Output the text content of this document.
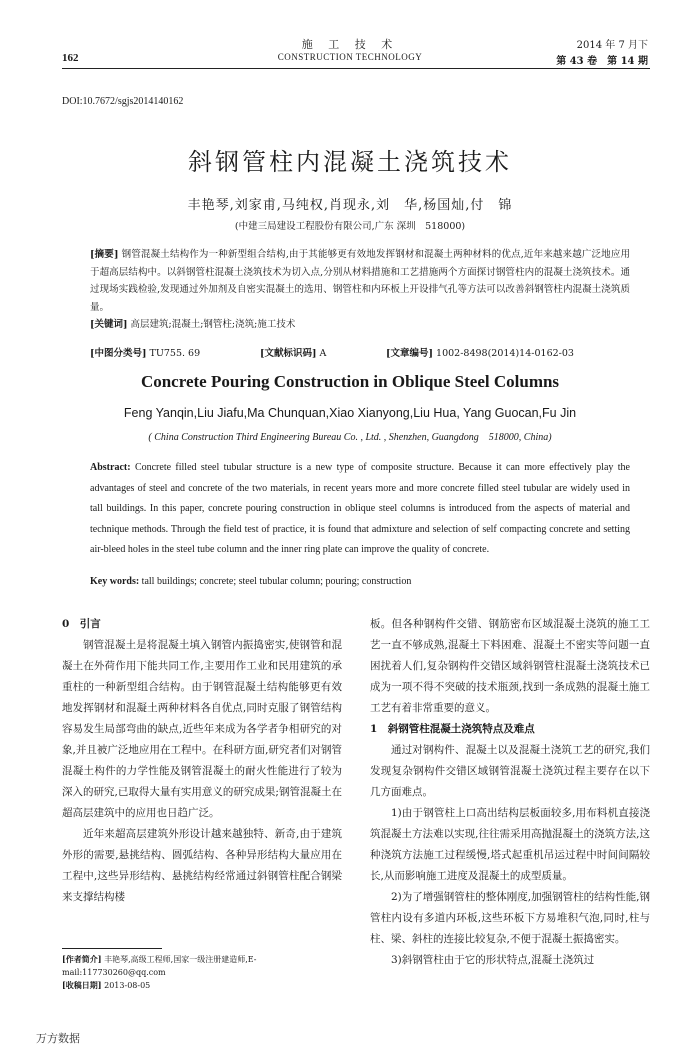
施 工 技 术
CONSTRUCTION TECHNOLOGY
162
2014 年 7 月下
第 43 卷　第 14 期
DOI:10.7672/sgjs2014140162
斜钢管柱内混凝土浇筑技术
丰艳琴,刘家甫,马纯权,肖现永,刘　华,杨国灿,付　锦
(中建三局建设工程股份有限公司,广东 深圳　518000)
[摘要] 钢管混凝土结构作为一种新型组合结构,由于其能够更有效地发挥钢材和混凝土两种材料的优点,近年来越来越广泛地应用于超高层结构中。以斜钢管柱混凝土浇筑技术为切入点,分别从材料措施和工艺措施两个方面探讨钢管柱内的混凝土浇筑技术。通过现场实践检验,发现通过外加剂及自密实混凝土的选用、钢管柱和内环板上开设排气孔等方法可以改善斜钢管柱内混凝土浇筑质量。
[关键词] 高层建筑;混凝土;钢管柱;浇筑;施工技术
[中图分类号] TU755. 69	[文献标识码] A	[文章编号] 1002-8498(2014)14-0162-03
Concrete Pouring Construction in Oblique Steel Columns
Feng Yanqin,Liu Jiafu,Ma Chunquan,Xiao Xianyong,Liu Hua, Yang Guocan,Fu Jin
( China Construction Third Engineering Bureau Co. , Ltd. , Shenzhen, Guangdong　518000, China)
Abstract: Concrete filled steel tubular structure is a new type of composite structure. Because it can more effectively play the advantages of steel and concrete of the two materials, in recent years more and more concrete filled steel tubular are widely used in tall buildings. In this paper, concrete pouring construction in oblique steel columns is introduced from the aspects of material and technique methods. Through the field test of practice, it is found that admixture and selection of self compacting concrete and setting air-bleed holes in the steel tube column and the inner ring plate can improve the quality of concrete.
Key words: tall buildings; concrete; steel tubular column; pouring; construction
0　引言

钢管混凝土是将混凝土填入钢管内振捣密实,使钢管和混凝土在外荷作用下能共同工作,主要用作工业和民用建筑的承重柱的一种新型组合结构。由于钢管混凝土结构能够更有效地发挥钢材和混凝土两种材料各自优点,同时克服了钢管结构容易发生局部弯曲的缺点,近些年来成为各学者争相研究的对象,并且被广泛地应用在工程中。在科研方面,研究者们对钢管混凝土构件的力学性能及钢管混凝土的耐火性能进行了较为深入的研究,已取得大量有实用意义的研究成果;钢管混凝土在超高层建筑中的应用也日趋广泛。

近年来超高层建筑外形设计越来越独特、新奇,由于建筑外形的需要,悬挑结构、圆弧结构、各种异形结构大量应用在工程中,这些异形结构、悬挑结构经常通过斜钢管柱配合钢梁来支撑结构楼

板。但各种钢构件交错、钢筋密布区域混凝土浇筑的施工工艺一直不够成熟,混凝土下料困难、混凝土不密实等问题一直困扰着人们,复杂钢构件交错区域斜钢管柱混凝土浇筑技术已成为一项不得不突破的技术瓶颈,找到一条成熟的混凝土施工工艺有着非常重要的意义。

1　斜钢管柱混凝土浇筑特点及难点

通过对钢构件、混凝土以及混凝土浇筑工艺的研究,我们发现复杂钢构件交错区域钢管混凝土浇筑过程主要存在以下几方面难点。

1)由于钢管柱上口高出结构层板面较多,用布料机直接浇筑混凝土方法难以实现,往往需采用高抛混凝土的浇筑方法,这种浇筑方法施工过程缓慢,塔式起重机吊运过程中时间间隔较长,从而影响施工进度及混凝土的成型质量。

2)为了增强钢管柱的整体刚度,加强钢管柱的结构性能,钢管柱内设有多道内环板,这些环板下方易堆积气泡,同时,柱与柱、梁、斜柱的连接比较复杂,不便于混凝土振捣密实。

3)斜钢管柱由于它的形状特点,混凝土浇筑过

[作者简介] 丰艳琴,高级工程师,国家一级注册建造师,E-mail:117730260@qq.com
[收稿日期] 2013-08-05
万方数据
